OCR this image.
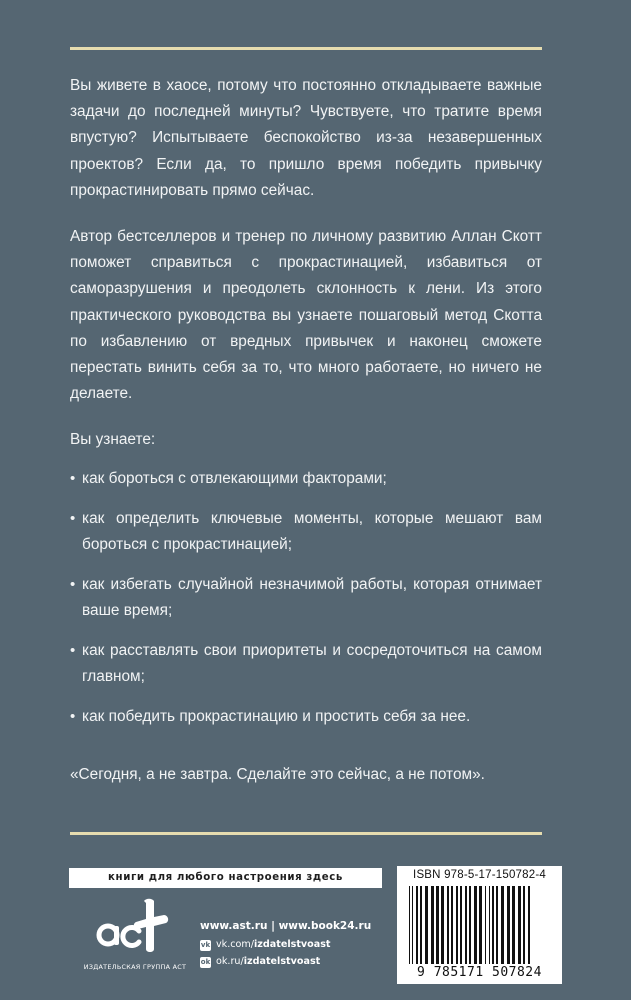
Вы живете в хаосе, потому что постоянно откладываете важные задачи до последней минуты? Чувствуете, что тратите время впустую? Испытываете беспокойство из-за незавершенных проектов? Если да, то пришло время победить привычку прокрастинировать прямо сейчас.

Автор бестселлеров и тренер по личному развитию Аллан Скотт поможет справиться с прокрастинацией, избавиться от саморазрушения и преодолеть склонность к лени. Из этого практического руководства вы узнаете пошаговый метод Скотта по избавлению от вредных привычек и наконец сможете перестать винить себя за то, что много работаете, но ничего не делаете.

Вы узнаете:

• как бороться с отвлекающими факторами;
• как определить ключевые моменты, которые мешают вам бороться с прокрастинацией;
• как избегать случайной незначимой работы, которая отнимает ваше время;
• как расставлять свои приоритеты и сосредоточиться на самом главном;
• как победить прокрастинацию и простить себя за нее.

«Сегодня, а не завтра. Сделайте это сейчас, а не потом».

книги для любого настроения здесь
ИЗДАТЕЛЬСКАЯ ГРУППА АСТ
www.ast.ru | www.book24.ru
vk vk.com/ izdatelstvoast
ok ok.ru/ izdatelstvoast
ISBN 978-5-17-150782-4
9 785171 507824
